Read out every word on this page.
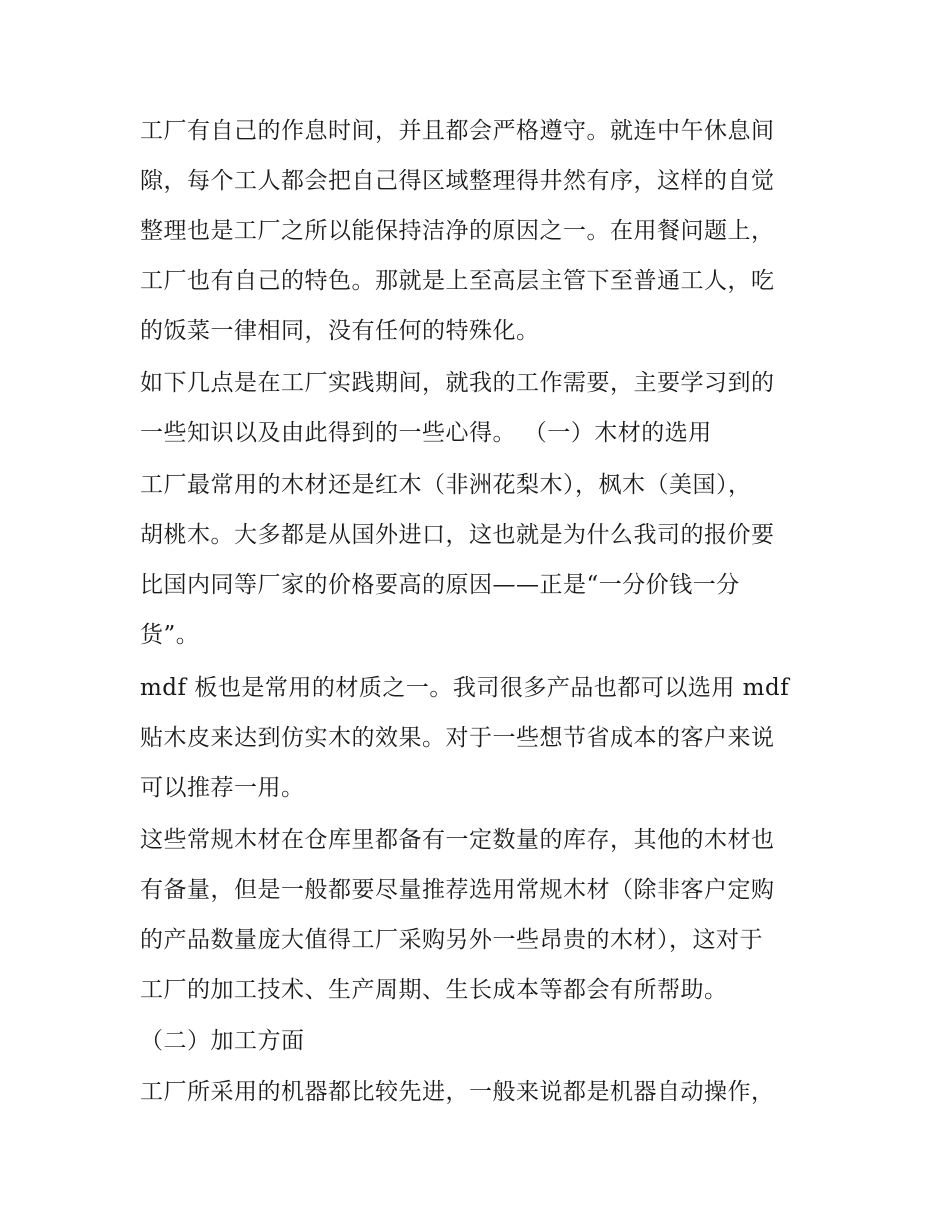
工厂有自己的作息时间，并且都会严格遵守。就连中午休息间
隙，每个工人都会把自己得区域整理得井然有序，这样的自觉
整理也是工厂之所以能保持洁净的原因之一。在用餐问题上，
工厂也有自己的特色。那就是上至高层主管下至普通工人，吃
的饭菜一律相同，没有任何的特殊化。
如下几点是在工厂实践期间，就我的工作需要，主要学习到的
一些知识以及由此得到的一些心得。 （一）木材的选用
工厂最常用的木材还是红木（非洲花梨木），枫木（美国），
胡桃木。大多都是从国外进口，这也就是为什么我司的报价要
比国内同等厂家的价格要高的原因——正是“一分价钱一分
货”。
mdf 板也是常用的材质之一。我司很多产品也都可以选用 mdf
贴木皮来达到仿实木的效果。对于一些想节省成本的客户来说
可以推荐一用。
这些常规木材在仓库里都备有一定数量的库存，其他的木材也
有备量，但是一般都要尽量推荐选用常规木材（除非客户定购
的产品数量庞大值得工厂采购另外一些昂贵的木材），这对于
工厂的加工技术、生产周期、生长成本等都会有所帮助。
（二）加工方面
工厂所采用的机器都比较先进，一般来说都是机器自动操作，
